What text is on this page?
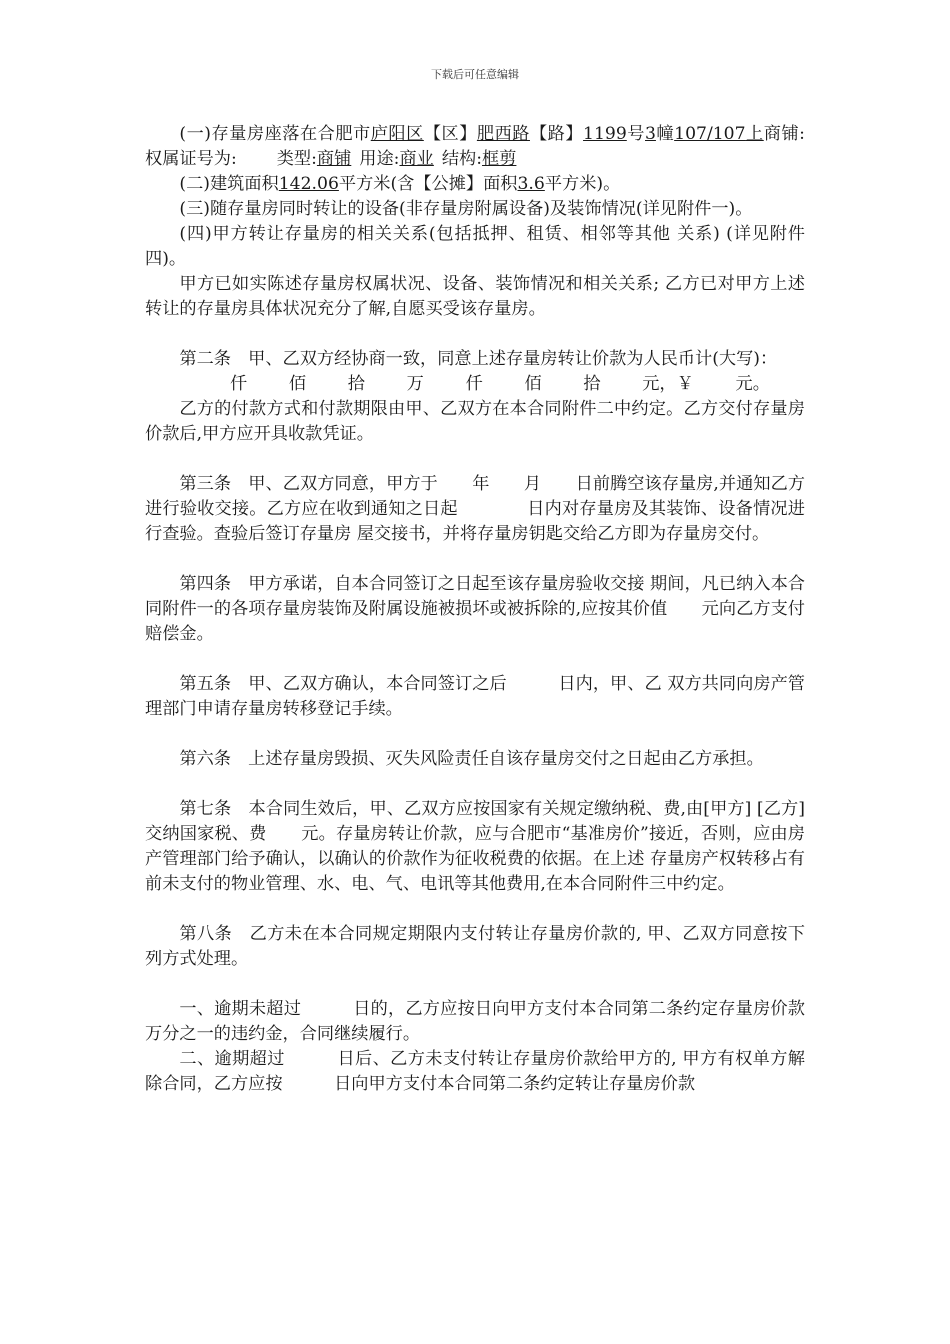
下载后可任意编辑

(一)存量房座落在合肥市庐阳区【区】肥西路【路】1199号3幢107/107上商铺:权属证号为: 类型:商铺 用途:商业 结构:框剪

(二)建筑面积142.06平方米(含【公摊】面积3.6平方米)。

(三)随存量房同时转让的设备(非存量房附属设备)及装饰情况(详见附件一)。

(四)甲方转让存量房的相关关系(包括抵押、租赁、相邻等其他 关系) (详见附件四)。

甲方已如实陈述存量房权属状况、设备、装饰情况和相关关系; 乙方已对甲方上述转让的存量房具体状况充分了解,自愿买受该存量房。

第二条　甲、乙双方经协商一致，同意上述存量房转让价款为人民币计(大写)：

仟 佰 拾 万 仟 佰 拾 元，￥ 元。

乙方的付款方式和付款期限由甲、乙双方在本合同附件二中约定。乙方交付存量房价款后,甲方应开具收款凭证。

第三条　甲、乙双方同意，甲方于　　年　　月　　日前腾空该存量房,并通知乙方进行验收交接。乙方应在收到通知之日起　　　　日内对存量房及其装饰、设备情况进行查验。查验后签订存量房 屋交接书，并将存量房钥匙交给乙方即为存量房交付。

第四条　甲方承诺，自本合同签订之日起至该存量房验收交接 期间，凡已纳入本合同附件一的各项存量房装饰及附属设施被损坏或被拆除的,应按其价值　　元向乙方支付赔偿金。

第五条　甲、乙双方确认，本合同签订之后　　　日内，甲、乙 双方共同向房产管理部门申请存量房转移登记手续。

第六条　上述存量房毁损、灭失风险责任自该存量房交付之日起由乙方承担。

第七条　本合同生效后，甲、乙双方应按国家有关规定缴纳税、费,由[甲方] [乙方]交纳国家税、费　　元。存量房转让价款，应与合肥市“基准房价”接近，否则，应由房产管理部门给予确认，以确认的价款作为征收税费的依据。在上述 存量房产权转移占有前未支付的物业管理、水、电、气、电讯等其他费用,在本合同附件三中约定。

第八条　乙方未在本合同规定期限内支付转让存量房价款的, 甲、乙双方同意按下列方式处理。

一、逾期未超过　　　日的，乙方应按日向甲方支付本合同第二条约定存量房价款万分之一的违约金，合同继续履行。

二、逾期超过　　　日后、乙方未支付转让存量房价款给甲方的, 甲方有权单方解除合同，乙方应按　　　日向甲方支付本合同第二条约定转让存量房价款
